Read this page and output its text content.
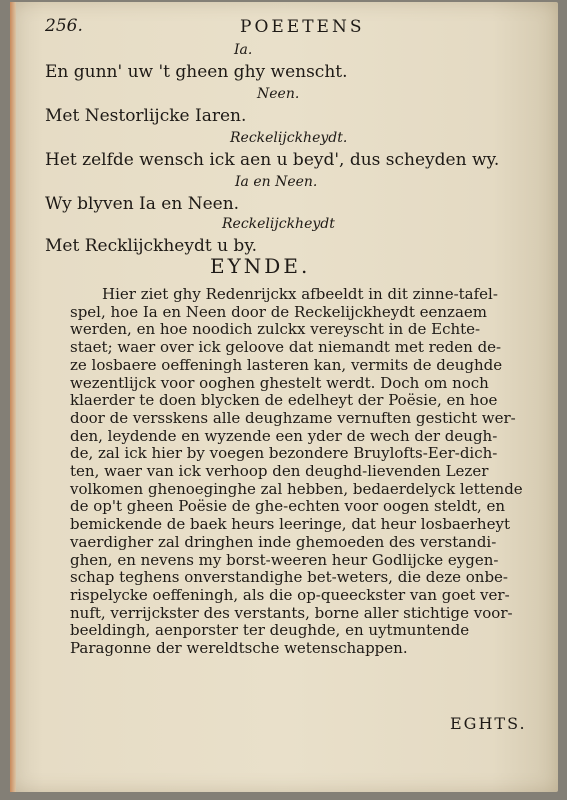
256.	POEETENS
Ia.
En gunn' uw 't gheen ghy wenscht.
Neen.
Met Nestorlijcke Iaren.
Reckelijckheydt.
Het zelfde wensch ick aen u beyd', dus scheyden wy.
Ia en Neen.
Wy blyven Ia en Neen.
Reckelijckheydt
Met Recklijckheydt u by.
EYNDE.
Hier ziet ghy Redenrijckx afbeeldt in dit zinne-tafel-
spel, hoe Ia en Neen door de Reckelijckheydt eenzaem
werden, en hoe noodich zulckx vereyscht in de Echte-
staet; waer over ick geloove dat niemandt met reden de-
ze losbaere oeffeningh lasteren kan, vermits de deughde
wezentlijck voor ooghen ghestelt werdt. Doch om noch
klaerder te doen blycken de edelheyt der Poësie, en hoe
door de versskens alle deughzame vernuften gesticht wer-
den, leydende en wyzende een yder de wech der deugh-
de, zal ick hier by voegen bezondere Bruylofts-Eer-dich-
ten, waer van ick verhoop den deughd-lievenden Lezer
volkomen ghenoeginghe zal hebben, bedaerdelyck lettende
de op't gheen Poësie de ghe-echten voor oogen steldt, en
bemickende de baek heurs leeringe, dat heur losbaerheyt
vaerdigher zal dringhen inde ghemoeden des verstandi-
ghen, en nevens my borst-weeren heur Godlijcke eygen-
schap teghens onverstandighe bet-weters, die deze onbe-
rispelycke oeffeningh, als die op-queeckster van goet ver-
nuft, verrijckster des verstants, borne aller stichtige voor-
beeldingh, aenporster ter deughde, en uytmuntende
Paragonne der wereldtsche wetenschappen.
EGHTS.
